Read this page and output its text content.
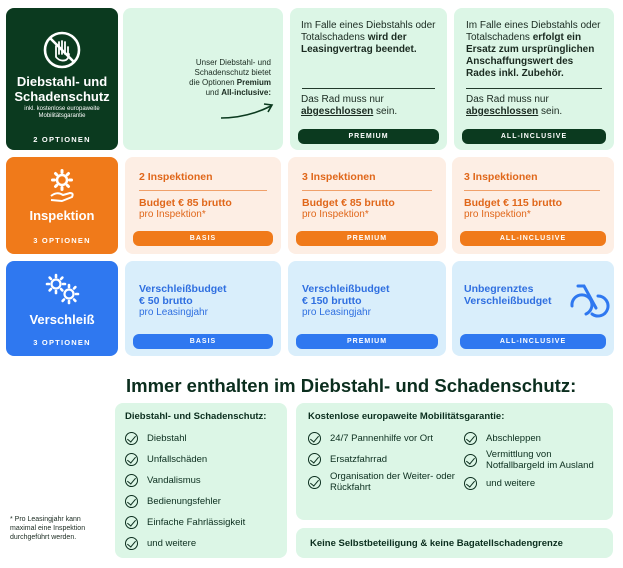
Diebstahl- und Schadenschutz
inkl. kostenlose europaweite Mobilitätsgarantie
2 OPTIONEN
Unser Diebstahl- und
Schadenschutz bietet
die Optionen Premium
und All-inclusive:
Im Falle eines Diebstahls oder Totalschadens wird der Leasingvertrag beendet.
Das Rad muss nur
abgeschlossen sein.
PREMIUM
Im Falle eines Diebstahls oder Totalschadens erfolgt ein Ersatz zum ursprünglichen Anschaffungswert des Rades inkl. Zubehör.
Das Rad muss nur
abgeschlossen sein.
ALL-INCLUSIVE
Inspektion
3 OPTIONEN
2 Inspektionen
Budget € 85 brutto
pro Inspektion*
BASIS
3 Inspektionen
Budget € 85 brutto
pro Inspektion*
PREMIUM
3 Inspektionen
Budget € 115 brutto
pro Inspektion*
ALL-INCLUSIVE
Verschleiß
3 OPTIONEN
Verschleißbudget
€ 50 brutto
pro Leasingjahr
BASIS
Verschleißbudget
€ 150 brutto
pro Leasingjahr
PREMIUM
Unbegrenztes
Verschleißbudget
ALL-INCLUSIVE
Immer enthalten im Diebstahl- und Schadenschutz:
Diebstahl- und Schadenschutz:
Diebstahl
Unfallschäden
Vandalismus
Bedienungsfehler
Einfache Fahrlässigkeit
und weitere
Kostenlose europaweite Mobilitätsgarantie:
24/7 Pannenhilfe vor Ort
Ersatzfahrrad
Organisation der Weiter- oder Rückfahrt
Abschleppen
Vermittlung von Notfallbargeld im Ausland
und weitere
Keine Selbstbeteiligung & keine Bagatellschadengrenze
* Pro Leasingjahr kann maximal eine Inspektion durchgeführt werden.
